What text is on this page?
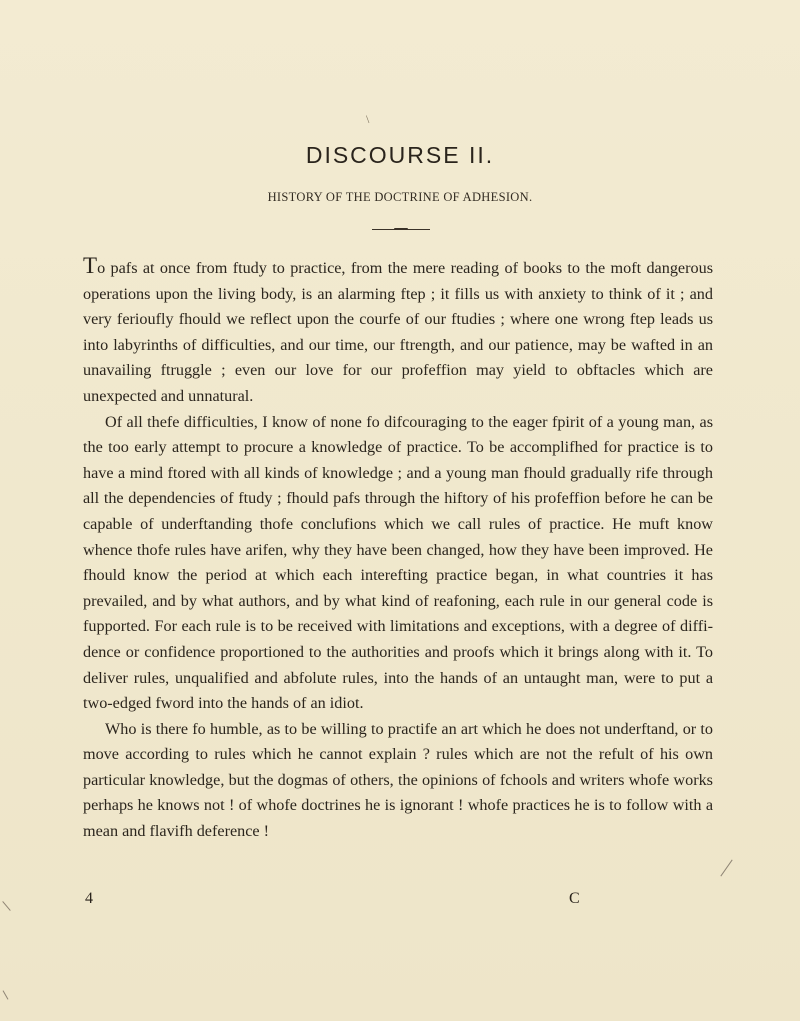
\
DISCOURSE II.
HISTORY OF THE DOCTRINE OF ADHESION.

To pafs at once from ftudy to practice, from the mere reading of books to the moft dangerous operations upon the living body, is an alarming ftep ; it fills us with anxiety to think of it ; and very ferioufly fhould we reflect upon the courfe of our ftudies ; where one wrong ftep leads us into labyrinths of difficulties, and our time, our ftrength, and our patience, may be wafted in an unavailing ftruggle ; even our love for our profeffion may yield to obftacles which are unexpected and unnatural.

Of all thefe difficulties, I know of none fo difcouraging to the eager fpirit of a young man, as the too early attempt to procure a knowledge of practice. To be accomplifhed for practice is to have a mind ftored with all kinds of knowledge ; and a young man fhould gradually rife through all the dependencies of ftudy ; fhould pafs through the hiftory of his profeffion before he can be capable of underftanding thofe conclufions which we call rules of practice. He muft know whence thofe rules have arifen, why they have been changed, how they have been improved. He fhould know the period at which each interefting practice began, in what countries it has prevailed, and by what authors, and by what kind of reafoning, each rule in our general code is fupported. For each rule is to be received with limitations and exceptions, with a degree of diffidence or confidence proportioned to the authorities and proofs which it brings along with it. To deliver rules, unqualified and abfolute rules, into the hands of an untaught man, were to put a two-edged fword into the hands of an idiot.

Who is there fo humble, as to be willing to practife an art which he does not underftand, or to move according to rules which he cannot explain ? rules which are not the refult of his own particular knowledge, but the dogmas of others, the opinions of fchools and writers whofe works perhaps he knows not ! of whofe doctrines he is ignorant ! whofe practices he is to follow with a mean and flavifh deference !

4	C
